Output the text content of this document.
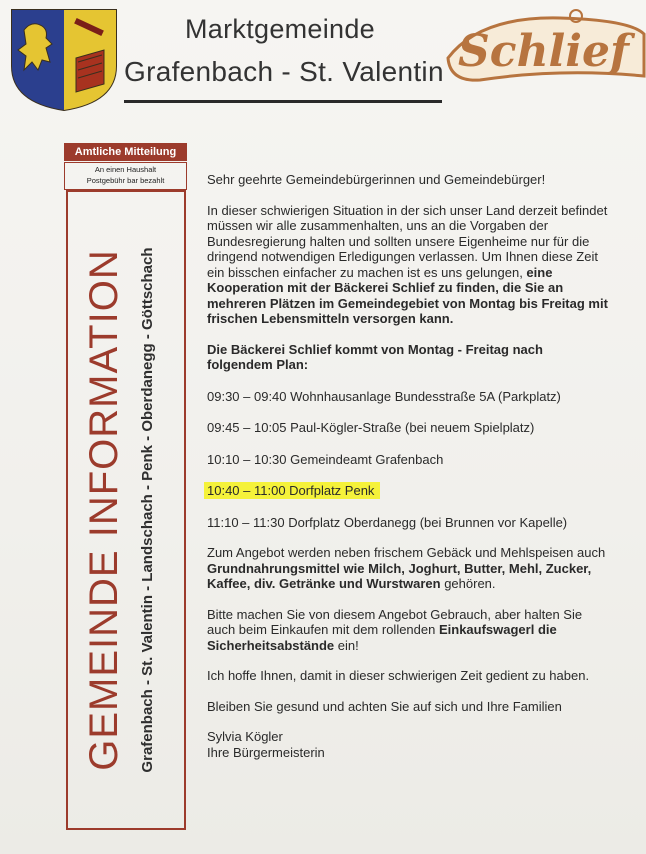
Marktgemeinde
Grafenbach - St. Valentin Schlief
Amtliche Mitteilung
An einen Haushalt
Postgebühr bar bezahlt
GEMEINDE INFORMATION Grafenbach - St. Valentin - Landschach - Penk - Oberdanegg - Göttschach

Sehr geehrte Gemeindebürgerinnen und Gemeindebürger!

In dieser schwierigen Situation in der sich unser Land derzeit befindet müssen wir alle zusammenhalten, uns an die Vorgaben der Bundesregierung halten und sollten unsere Eigenheime nur für die dringend notwendigen Erledigungen verlassen. Um Ihnen diese Zeit ein bisschen einfacher zu machen ist es uns gelungen, eine Kooperation mit der Bäckerei Schlief zu finden, die Sie an mehreren Plätzen im Gemeindegebiet von Montag bis Freitag mit frischen Lebensmitteln versorgen kann.

Die Bäckerei Schlief kommt von Montag - Freitag nach folgendem Plan:

09:30 – 09:40 Wohnhausanlage Bundesstraße 5A (Parkplatz)

09:45 – 10:05 Paul-Kögler-Straße (bei neuem Spielplatz)

10:10 – 10:30 Gemeindeamt Grafenbach

10:40 – 11:00 Dorfplatz Penk

11:10 – 11:30 Dorfplatz Oberdanegg (bei Brunnen vor Kapelle)

Zum Angebot werden neben frischem Gebäck und Mehlspeisen auch Grundnahrungsmittel wie Milch, Joghurt, Butter, Mehl, Zucker, Kaffee, div. Getränke und Wurstwaren gehören.

Bitte machen Sie von diesem Angebot Gebrauch, aber halten Sie auch beim Einkaufen mit dem rollenden Einkaufswagerl die Sicherheitsabstände ein!

Ich hoffe Ihnen, damit in dieser schwierigen Zeit gedient zu haben.

Bleiben Sie gesund und achten Sie auf sich und Ihre Familien

Sylvia Kögler

Ihre Bürgermeisterin
